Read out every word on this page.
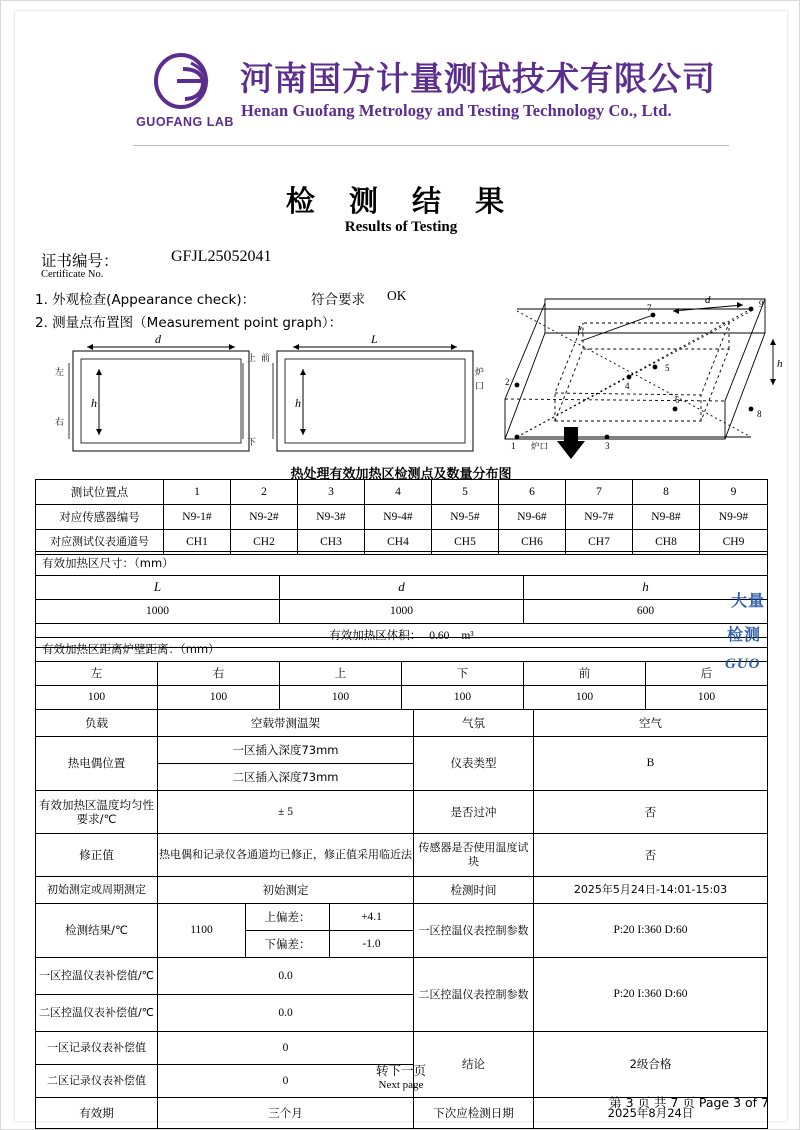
GUOFANG LAB
河南国方计量测试技术有限公司
Henan Guofang Metrology and Testing Technology Co., Ltd.
检 测 结 果
Results of Testing
证书编号：
Certificate No.
GFJL25052041
1. 外观检查(Appearance check)：	符合要求 OK
2. 测量点布置图（Measurement point graph）：
d
h
左
右
上
下
L
h
前
炉
口
d
L
h
1
2
3
4
5
6
7
8
9
炉口
热处理有效加热区检测点及数量分布图
测试位置点	1	2	3	4	5	6	7	8	9
对应传感器编号	N9-1#	N9-2#	N9-3#	N9-4#	N9-5#	N9-6#	N9-7#	N9-8#	N9-9#
对应测试仪表通道号	CH1	CH2	CH3	CH4	CH5	CH6	CH7	CH8	CH9
有效加热区尺寸：（mm）		
L	d	h
1000	1000	600
有效加热区体积： 0.60 m³		
有效加热区距离炉壁距离：（mm）					
左	右	上	下	前	后
100	100	100	100	100	100
负载	空载带测温架			气氛	空气
热电偶位置	一区插入深度73mm			仪表类型	B
	二区插入深度73mm				
有效加热区温度均匀性要求/℃	± 5			是否过冲	否
修正值	热电偶和记录仪各通道均已修正，修正值采用临近法			传感器是否使用温度试块	否
初始测定或周期测定	初始测定			检测时间	2025年5月24日-14:01-15:03
检测结果/℃	1100	上偏差：	+4.1	一区控温仪表控制参数	P:20 I:360 D:60
		下偏差：	-1.0		
一区控温仪表补偿值/℃	0.0			二区控温仪表控制参数	P:20 I:360 D:60
二区控温仪表补偿值/℃	0.0				
一区记录仪表补偿值	0			结论	2级合格
二区记录仪表补偿值	0				
有效期	三个月			下次应检测日期	2025年8月24日
大量
检测
GUO
转下一页
Next page
第 3 页 共 7 页 Page 3 of 7
